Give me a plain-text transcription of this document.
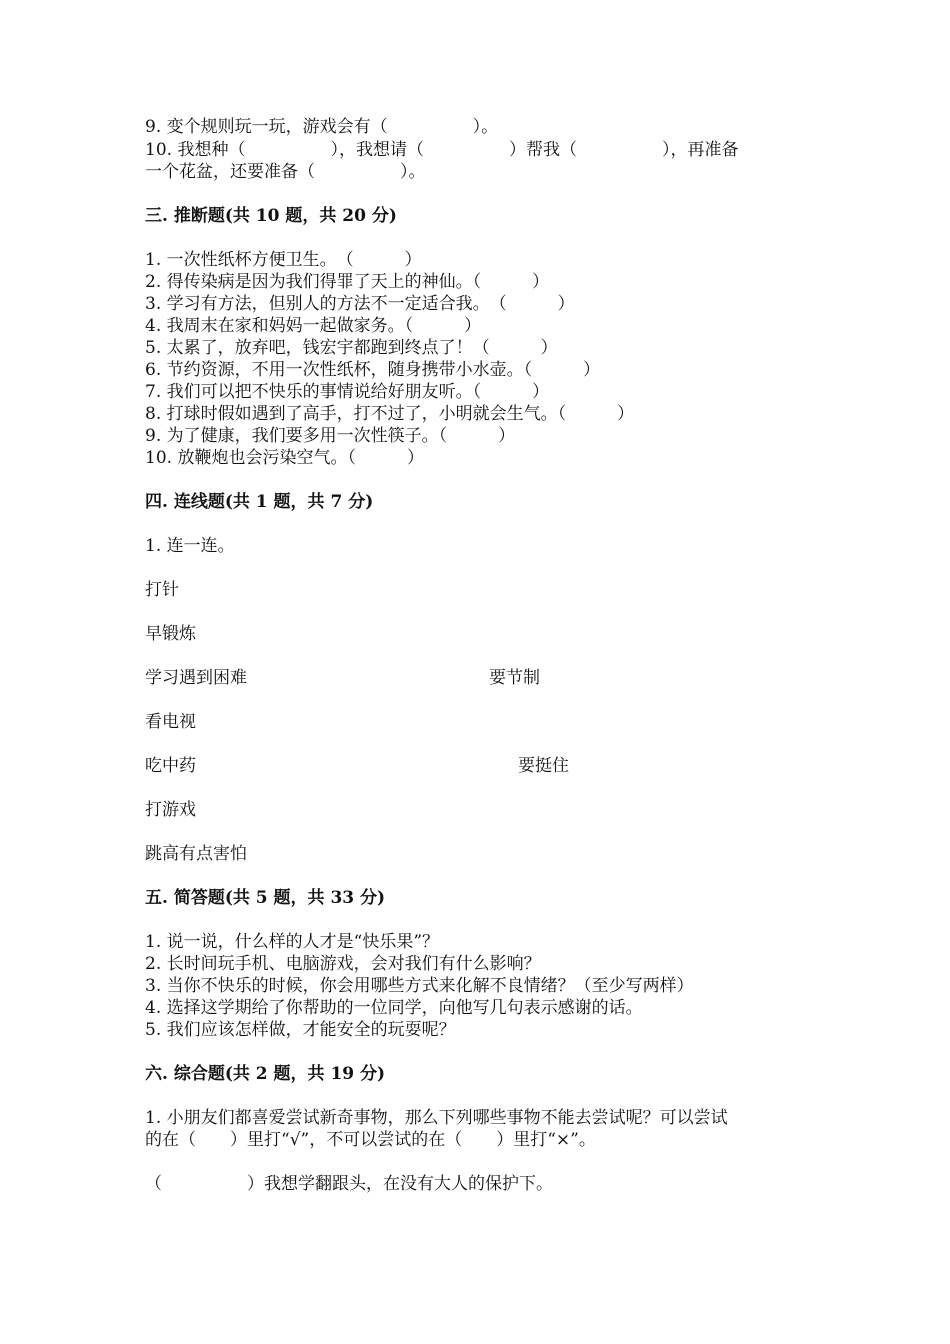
9. 变个规则玩一玩，游戏会有（　　　　　）。
10. 我想种（　　　　　），我想请（　　　　　）帮我（　　　　　），再准备
一个花盆，还要准备（　　　　　）。
三. 推断题(共 10 题，共 20 分)
1. 一次性纸杯方便卫生。　（　　　）
2. 得传染病是因为我们得罪了天上的神仙。（　　　）
3. 学习有方法，但别人的方法不一定适合我。　（　　　）
4. 我周末在家和妈妈一起做家务。（　　　）
5. 太累了，放弃吧，钱宏宇都跑到终点了！（　　　）
6. 节约资源，不用一次性纸杯，随身携带小水壶。（　　　）
7. 我们可以把不快乐的事情说给好朋友听。（　　　）
8. 打球时假如遇到了高手，打不过了，小明就会生气。（　　　）
9. 为了健康，我们要多用一次性筷子。（　　　）
10. 放鞭炮也会污染空气。（　　　）
四. 连线题(共 1 题，共 7 分)
1. 连一连。
打针
早锻炼
学习遇到困难	要节制
看电视
吃中药	要挺住
打游戏
跳高有点害怕
五. 简答题(共 5 题，共 33 分)
1. 说一说，什么样的人才是“快乐果”？
2. 长时间玩手机、电脑游戏，会对我们有什么影响？
3. 当你不快乐的时候，你会用哪些方式来化解不良情绪？（至少写两样）
4. 选择这学期给了你帮助的一位同学，向他写几句表示感谢的话。
5. 我们应该怎样做，才能安全的玩耍呢？
六. 综合题(共 2 题，共 19 分)
1. 小朋友们都喜爱尝试新奇事物，那么下列哪些事物不能去尝试呢？可以尝试
的在（　　）里打“√”，不可以尝试的在（　　）里打“×”。
（　　　　　）我想学翻跟头，在没有大人的保护下。
